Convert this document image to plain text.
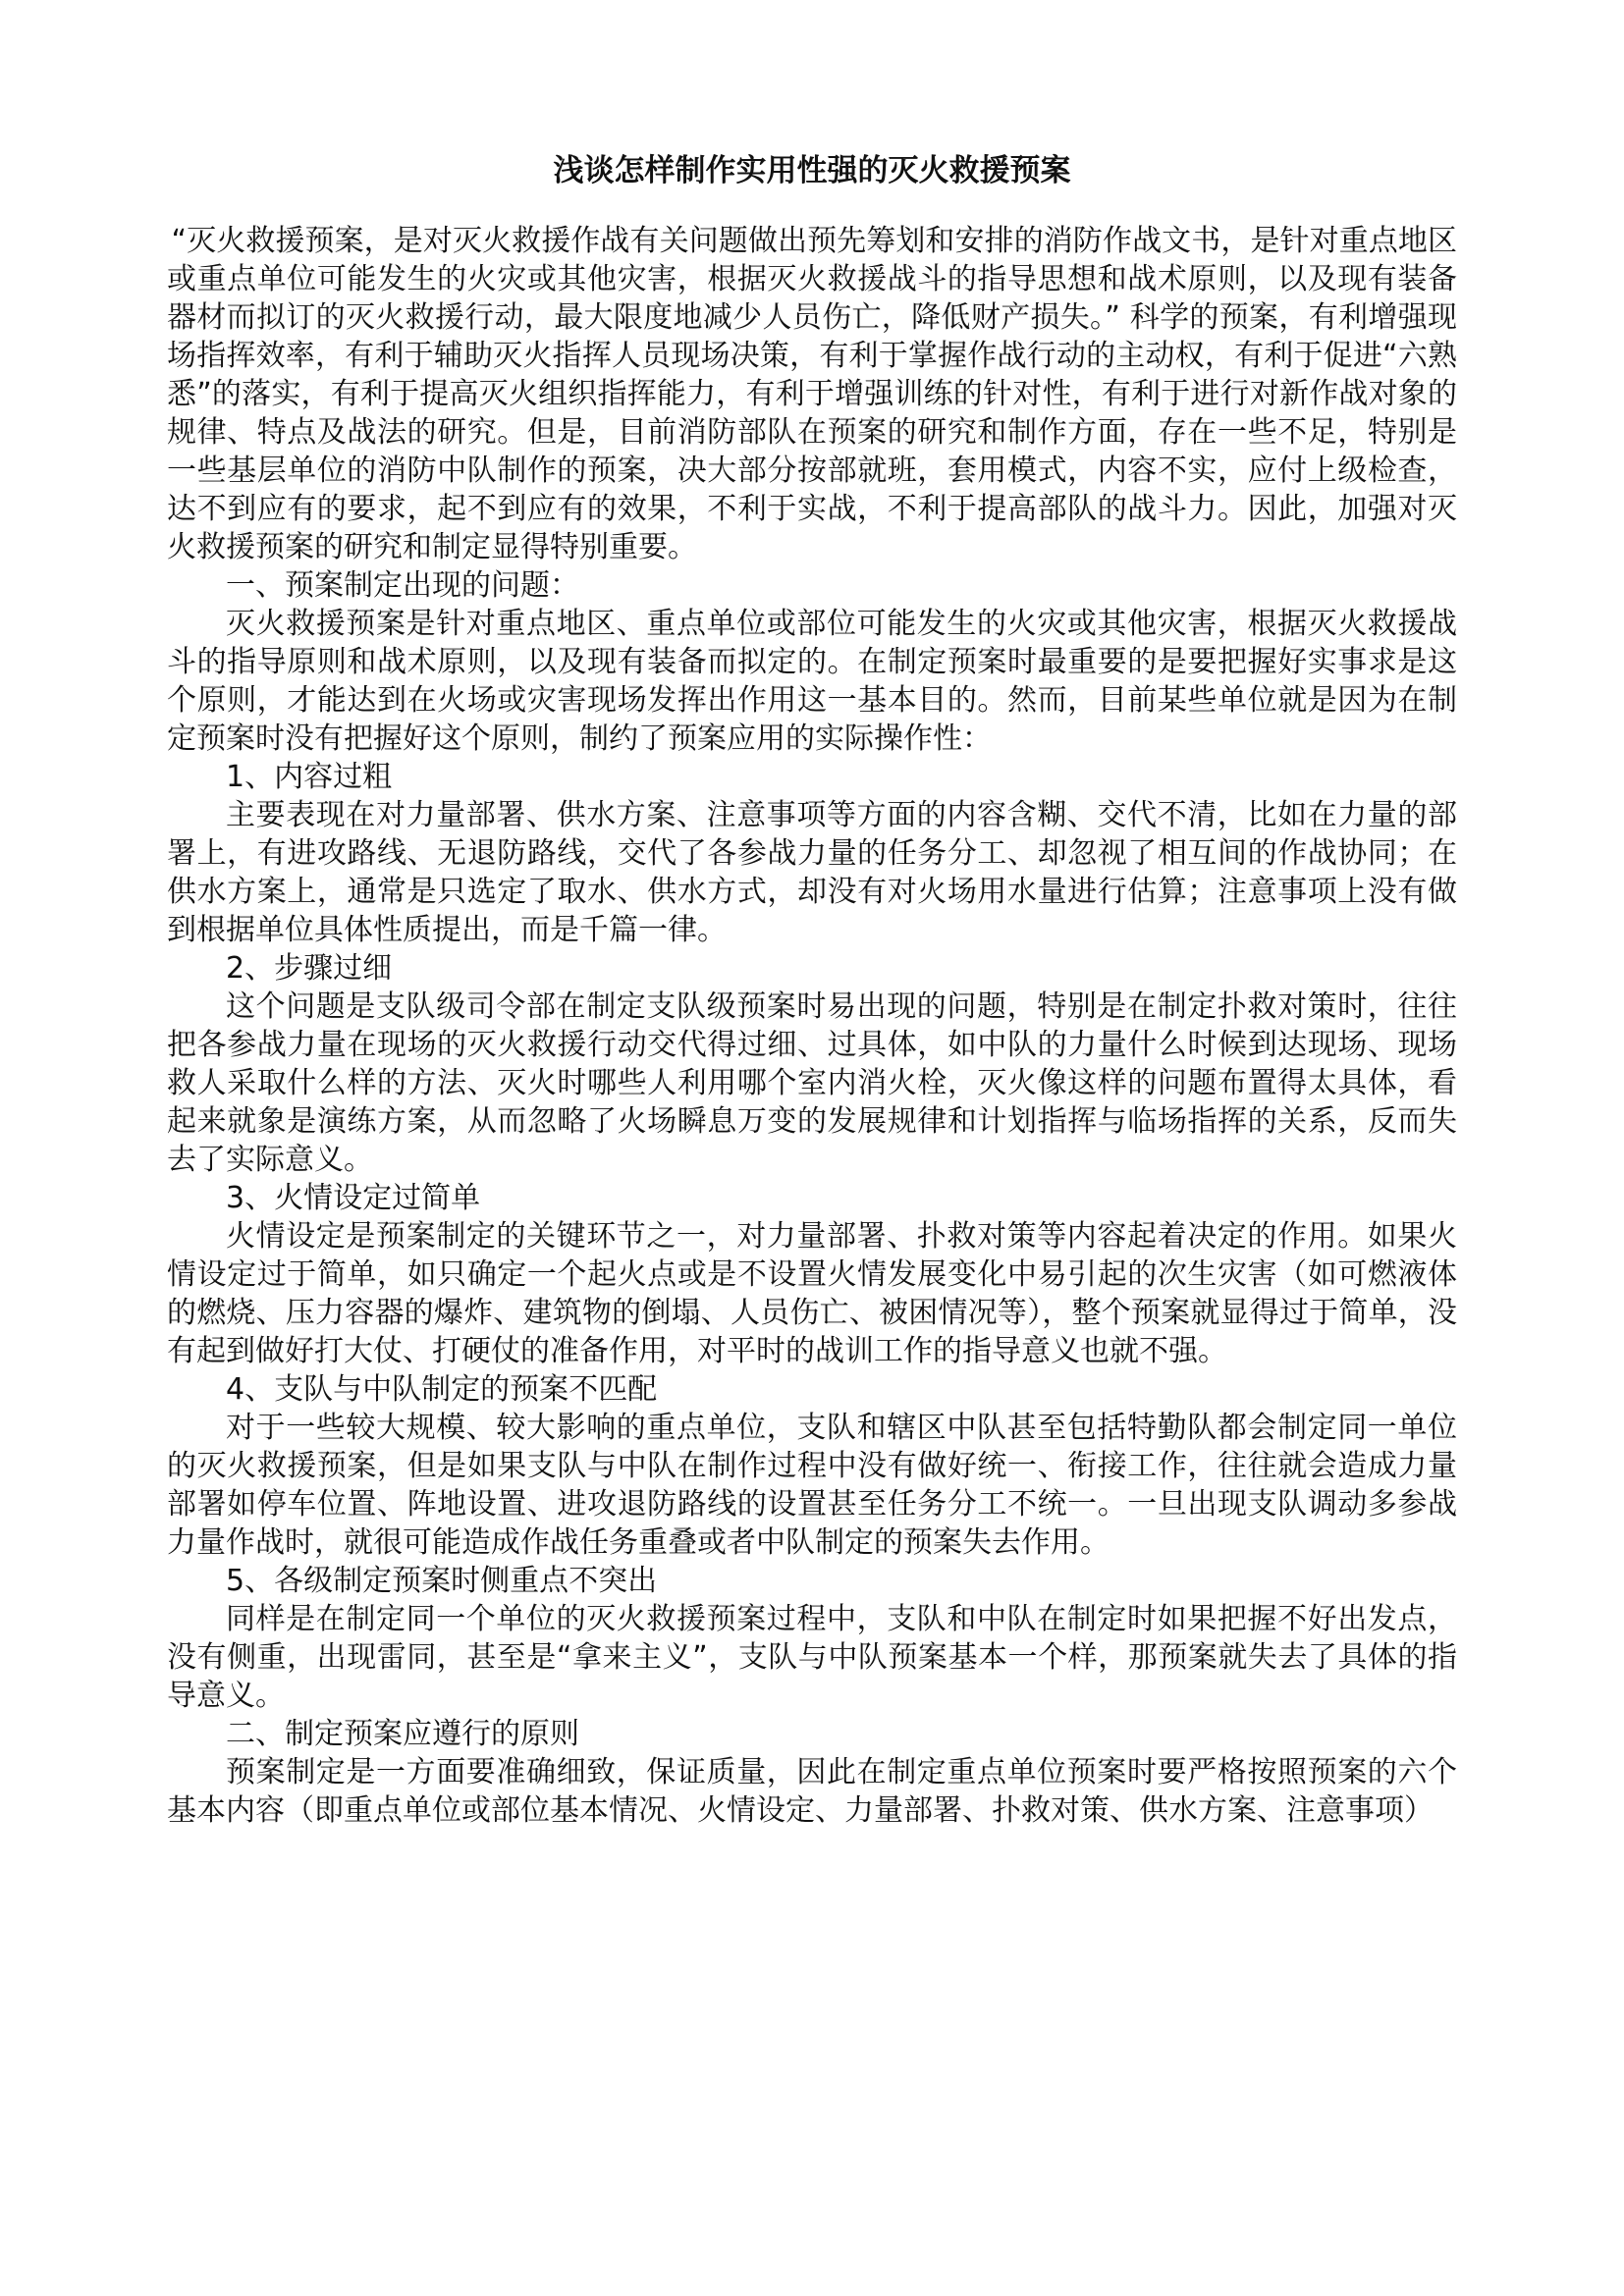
浅谈怎样制作实用性强的灭火救援预案

“灭火救援预案，是对灭火救援作战有关问题做出预先筹划和安排的消防作战文书，是针对重点地区或重点单位可能发生的火灾或其他灾害，根据灭火救援战斗的指导思想和战术原则，以及现有装备器材而拟订的灭火救援行动，最大限度地减少人员伤亡，降低财产损失。” 科学的预案，有利增强现场指挥效率，有利于辅助灭火指挥人员现场决策，有利于掌握作战行动的主动权，有利于促进“六熟悉”的落实，有利于提高灭火组织指挥能力，有利于增强训练的针对性，有利于进行对新作战对象的规律、特点及战法的研究。但是，目前消防部队在预案的研究和制作方面，存在一些不足，特别是一些基层单位的消防中队制作的预案，决大部分按部就班，套用模式，内容不实，应付上级检查，达不到应有的要求，起不到应有的效果，不利于实战，不利于提高部队的战斗力。因此，加强对灭火救援预案的研究和制定显得特别重要。

一、预案制定出现的问题：

灭火救援预案是针对重点地区、重点单位或部位可能发生的火灾或其他灾害，根据灭火救援战斗的指导原则和战术原则，以及现有装备而拟定的。在制定预案时最重要的是要把握好实事求是这个原则，才能达到在火场或灾害现场发挥出作用这一基本目的。然而，目前某些单位就是因为在制定预案时没有把握好这个原则，制约了预案应用的实际操作性：

1、内容过粗

主要表现在对力量部署、供水方案、注意事项等方面的内容含糊、交代不清，比如在力量的部署上，有进攻路线、无退防路线，交代了各参战力量的任务分工、却忽视了相互间的作战协同；在供水方案上，通常是只选定了取水、供水方式，却没有对火场用水量进行估算；注意事项上没有做到根据单位具体性质提出，而是千篇一律。

2、步骤过细

这个问题是支队级司令部在制定支队级预案时易出现的问题，特别是在制定扑救对策时，往往把各参战力量在现场的灭火救援行动交代得过细、过具体，如中队的力量什么时候到达现场、现场救人采取什么样的方法、灭火时哪些人利用哪个室内消火栓，灭火像这样的问题布置得太具体，看起来就象是演练方案，从而忽略了火场瞬息万变的发展规律和计划指挥与临场指挥的关系，反而失去了实际意义。

3、火情设定过简单

火情设定是预案制定的关键环节之一，对力量部署、扑救对策等内容起着决定的作用。如果火情设定过于简单，如只确定一个起火点或是不设置火情发展变化中易引起的次生灾害（如可燃液体的燃烧、压力容器的爆炸、建筑物的倒塌、人员伤亡、被困情况等），整个预案就显得过于简单，没有起到做好打大仗、打硬仗的准备作用，对平时的战训工作的指导意义也就不强。

4、支队与中队制定的预案不匹配

对于一些较大规模、较大影响的重点单位，支队和辖区中队甚至包括特勤队都会制定同一单位的灭火救援预案，但是如果支队与中队在制作过程中没有做好统一、衔接工作，往往就会造成力量部署如停车位置、阵地设置、进攻退防路线的设置甚至任务分工不统一。一旦出现支队调动多参战力量作战时，就很可能造成作战任务重叠或者中队制定的预案失去作用。

5、各级制定预案时侧重点不突出

同样是在制定同一个单位的灭火救援预案过程中，支队和中队在制定时如果把握不好出发点，没有侧重，出现雷同，甚至是“拿来主义”，支队与中队预案基本一个样，那预案就失去了具体的指导意义。

二、制定预案应遵行的原则

预案制定是一方面要准确细致，保证质量，因此在制定重点单位预案时要严格按照预案的六个基本内容（即重点单位或部位基本情况、火情设定、力量部署、扑救对策、供水方案、注意事项）
